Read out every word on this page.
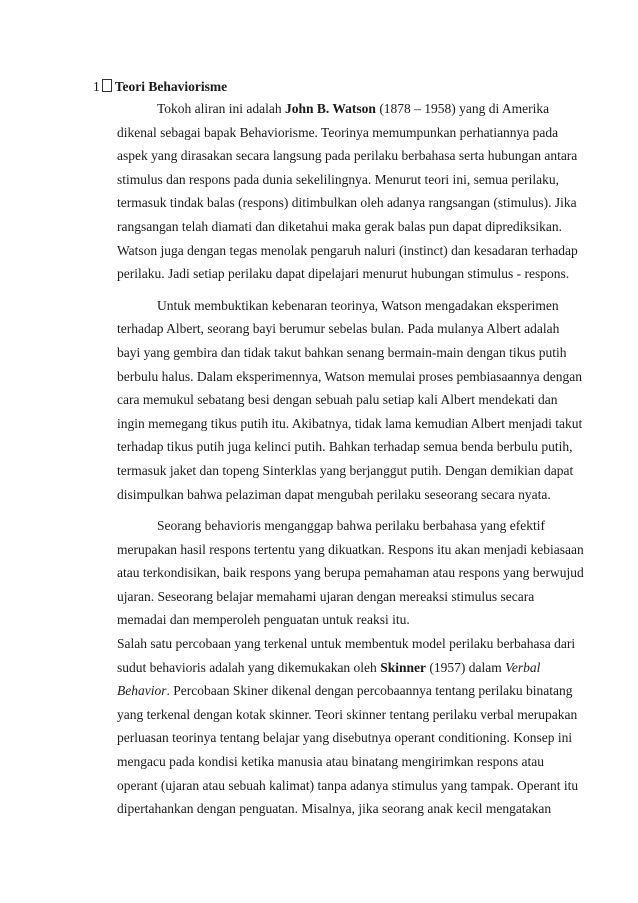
1 Teori Behaviorisme
Tokoh aliran ini adalah John B. Watson (1878 – 1958) yang di Amerika
dikenal sebagai bapak Behaviorisme. Teorinya memumpunkan perhatiannya pada
aspek yang dirasakan secara langsung pada perilaku berbahasa serta hubungan antara
stimulus dan respons pada dunia sekelilingnya. Menurut teori ini, semua perilaku,
termasuk tindak balas (respons) ditimbulkan oleh adanya rangsangan (stimulus). Jika
rangsangan telah diamati dan diketahui maka gerak balas pun dapat diprediksikan.
Watson juga dengan tegas menolak pengaruh naluri (instinct) dan kesadaran terhadap
perilaku. Jadi setiap perilaku dapat dipelajari menurut hubungan stimulus - respons.
Untuk membuktikan kebenaran teorinya, Watson mengadakan eksperimen
terhadap Albert, seorang bayi berumur sebelas bulan. Pada mulanya Albert adalah
bayi yang gembira dan tidak takut bahkan senang bermain-main dengan tikus putih
berbulu halus. Dalam eksperimennya, Watson memulai proses pembiasaannya dengan
cara memukul sebatang besi dengan sebuah palu setiap kali Albert mendekati dan
ingin memegang tikus putih itu. Akibatnya, tidak lama kemudian Albert menjadi takut
terhadap tikus putih juga kelinci putih. Bahkan terhadap semua benda berbulu putih,
termasuk jaket dan topeng Sinterklas yang berjanggut putih. Dengan demikian dapat
disimpulkan bahwa pelaziman dapat mengubah perilaku seseorang secara nyata.
Seorang behavioris menganggap bahwa perilaku berbahasa yang efektif
merupakan hasil respons tertentu yang dikuatkan. Respons itu akan menjadi kebiasaan
atau terkondisikan, baik respons yang berupa pemahaman atau respons yang berwujud
ujaran. Seseorang belajar memahami ujaran dengan mereaksi stimulus secara
memadai dan memperoleh penguatan untuk reaksi itu.
Salah satu percobaan yang terkenal untuk membentuk model perilaku berbahasa dari
sudut behavioris adalah yang dikemukakan oleh Skinner (1957) dalam Verbal
Behavior. Percobaan Skiner dikenal dengan percobaannya tentang perilaku binatang
yang terkenal dengan kotak skinner. Teori skinner tentang perilaku verbal merupakan
perluasan teorinya tentang belajar yang disebutnya operant conditioning. Konsep ini
mengacu pada kondisi ketika manusia atau binatang mengirimkan respons atau
operant (ujaran atau sebuah kalimat) tanpa adanya stimulus yang tampak. Operant itu
dipertahankan dengan penguatan. Misalnya, jika seorang anak kecil mengatakan
